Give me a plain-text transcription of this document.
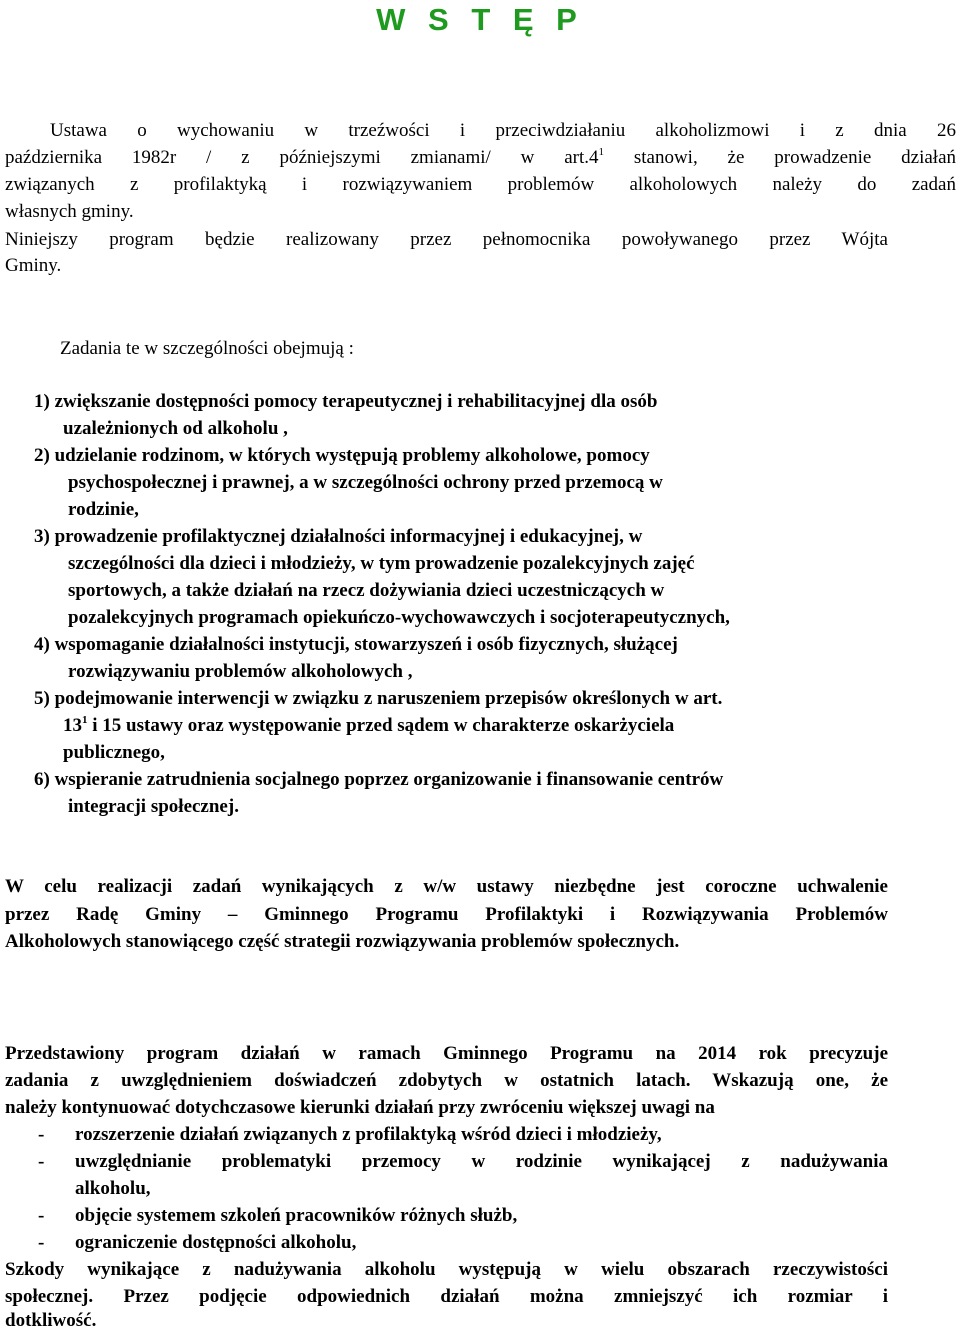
W S T Ę P
Ustawa o wychowaniu w trzeźwości i przeciwdziałaniu alkoholizmowi i z dnia 26
października 1982r / z późniejszymi zmianami/ w $art.4^1$ stanowi, że prowadzenie działań
związanych z profilaktyką i rozwiązywaniem problemów alkoholowych należy do zadań
własnych gminy.
Niniejszy program będzie realizowany przez pełnomocnika powoływanego przez Wójta
Gminy.
Zadania te w szczególności obejmują :
1) zwiększanie dostępności pomocy terapeutycznej i rehabilitacyjnej dla osób
uzależnionych od alkoholu ,
2) udzielanie rodzinom, w których występują problemy alkoholowe, pomocy
psychospołecznej i prawnej, a w szczególności ochrony przed przemocą w
rodzinie,
3) prowadzenie profilaktycznej działalności informacyjnej i edukacyjnej, w
szczególności dla dzieci i młodzieży, w tym prowadzenie pozalekcyjnych zajęć
sportowych, a także działań na rzecz dożywiania dzieci uczestniczących w
pozalekcyjnych programach opiekuńczo-wychowawczych i socjoterapeutycznych,
4) wspomaganie działalności instytucji, stowarzyszeń i osób fizycznych, służącej
rozwiązywaniu problemów alkoholowych ,
5) podejmowanie interwencji w związku z naruszeniem przepisów określonych w art.
$13^1$ i 15 ustawy oraz występowanie przed sądem w charakterze oskarżyciela
publicznego,
6) wspieranie zatrudnienia socjalnego poprzez organizowanie i finansowanie centrów
integracji społecznej.
W celu realizacji zadań wynikających z w/w ustawy niezbędne jest coroczne uchwalenie
przez Radę Gminy – Gminnego Programu Profilaktyki i Rozwiązywania Problemów
Alkoholowych stanowiącego część strategii rozwiązywania problemów społecznych.
Przedstawiony program działań w ramach Gminnego Programu na 2014 rok precyzuje
zadania z uwzględnieniem doświadczeń zdobytych w ostatnich latach. Wskazują one, że
należy kontynuować dotychczasowe kierunki działań przy zwróceniu większej uwagi na
- rozszerzenie działań związanych z profilaktyką wśród dzieci i młodzieży,
- uwzględnianie problematyki przemocy w rodzinie wynikającej z nadużywania
alkoholu,
- objęcie systemem szkoleń pracowników różnych służb,
- ograniczenie dostępności alkoholu,
Szkody wynikające z nadużywania alkoholu występują w wielu obszarach rzeczywistości
społecznej. Przez podjęcie odpowiednich działań można zmniejszyć ich rozmiar i
dotkliwość.
